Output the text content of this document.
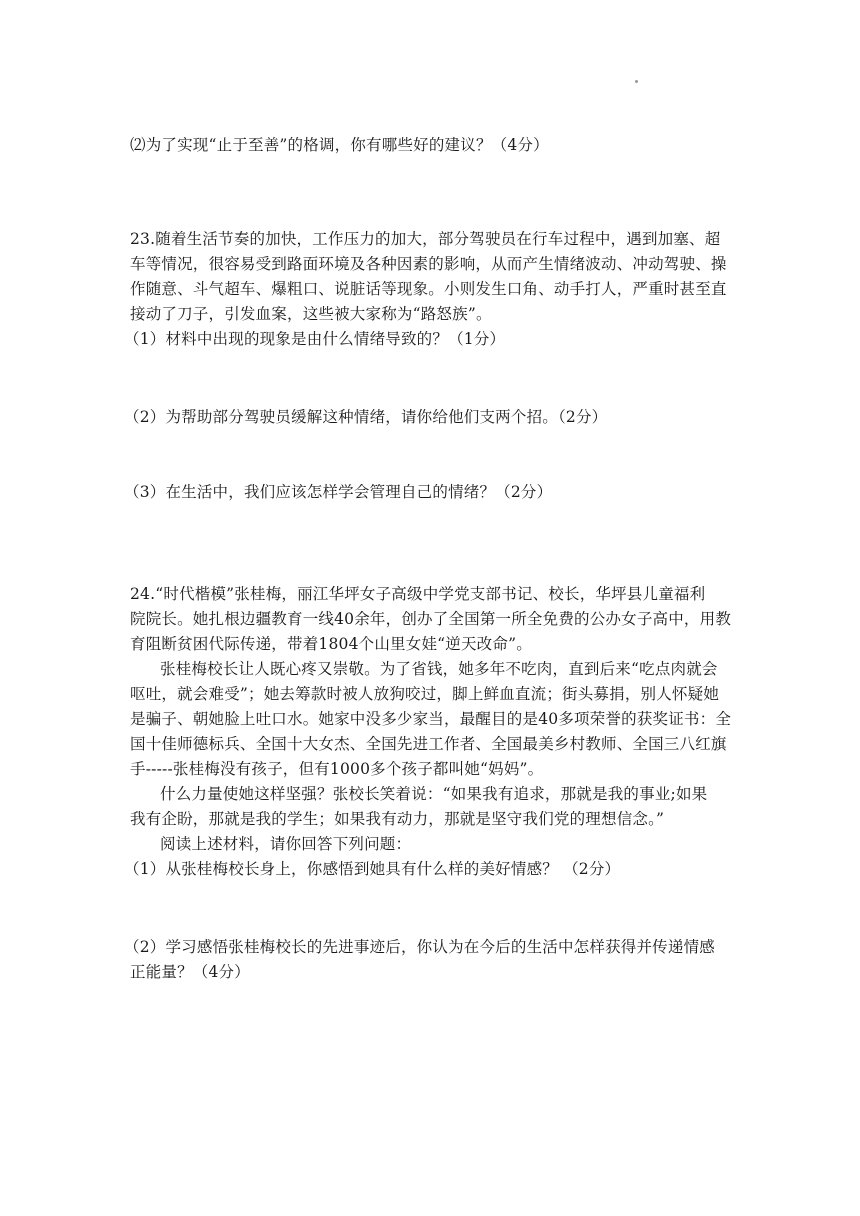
⑵为了实现“止于至善”的格调，你有哪些好的建议？（4分）
23.随着生活节奏的加快，工作压力的加大，部分驾驶员在行车过程中，遇到加塞、超
车等情况，很容易受到路面环境及各种因素的影响，从而产生情绪波动、冲动驾驶、操
作随意、斗气超车、爆粗口、说脏话等现象。小则发生口角、动手打人，严重时甚至直
接动了刀子，引发血案，这些被大家称为“路怒族”。
（1）材料中出现的现象是由什么情绪导致的？（1分）
（2）为帮助部分驾驶员缓解这种情绪，请你给他们支两个招。（2分）
（3）在生活中，我们应该怎样学会管理自己的情绪？（2分）
24.“时代楷模”张桂梅，丽江华坪女子高级中学党支部书记、校长，华坪县儿童福利
院院长。她扎根边疆教育一线40余年，创办了全国第一所全免费的公办女子高中，用教
育阻断贫困代际传递，带着1804个山里女娃“逆天改命”。
张桂梅校长让人既心疼又崇敬。为了省钱，她多年不吃肉，直到后来“吃点肉就会
呕吐，就会难受”；她去筹款时被人放狗咬过，脚上鲜血直流；街头募捐，别人怀疑她
是骗子、朝她脸上吐口水。她家中没多少家当，最醒目的是40多项荣誉的获奖证书：全
国十佳师德标兵、全国十大女杰、全国先进工作者、全国最美乡村教师、全国三八红旗
手-----张桂梅没有孩子，但有1000多个孩子都叫她“妈妈”。
什么力量使她这样坚强？张校长笑着说：“如果我有追求，那就是我的事业;如果
我有企盼，那就是我的学生；如果我有动力，那就是坚守我们党的理想信念。”
阅读上述材料，请你回答下列问题：
（1）从张桂梅校长身上，你感悟到她具有什么样的美好情感？ （2分）
（2）学习感悟张桂梅校长的先进事迹后，你认为在今后的生活中怎样获得并传递情感
正能量？（4分）
